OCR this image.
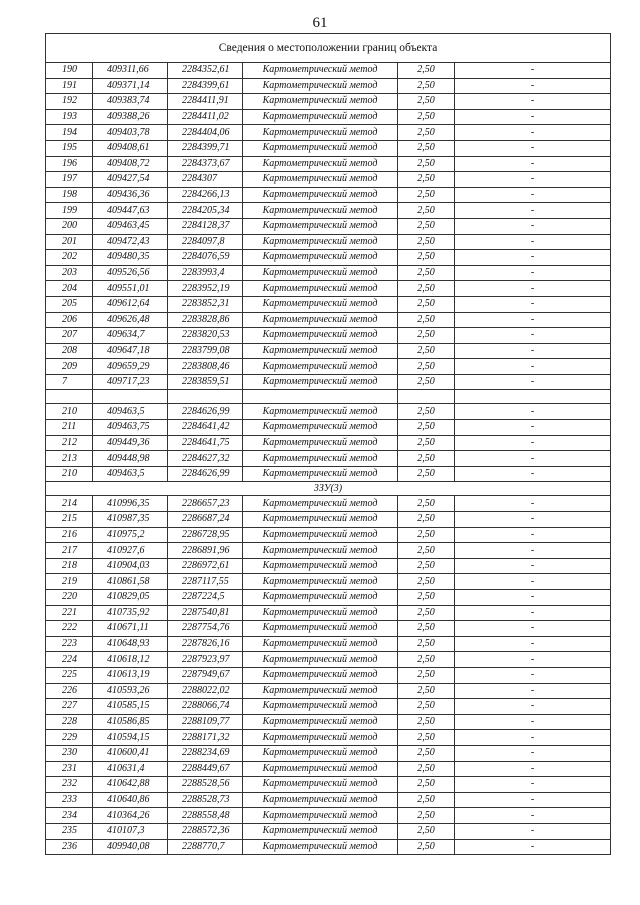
61
Сведения о местоположении границ объекта					
190	409311,66	2284352,61	Картометрический метод	2,50	-
191	409371,14	2284399,61	Картометрический метод	2,50	-
192	409383,74	2284411,91	Картометрический метод	2,50	-
193	409388,26	2284411,02	Картометрический метод	2,50	-
194	409403,78	2284404,06	Картометрический метод	2,50	-
195	409408,61	2284399,71	Картометрический метод	2,50	-
196	409408,72	2284373,67	Картометрический метод	2,50	-
197	409427,54	2284307	Картометрический метод	2,50	-
198	409436,36	2284266,13	Картометрический метод	2,50	-
199	409447,63	2284205,34	Картометрический метод	2,50	-
200	409463,45	2284128,37	Картометрический метод	2,50	-
201	409472,43	2284097,8	Картометрический метод	2,50	-
202	409480,35	2284076,59	Картометрический метод	2,50	-
203	409526,56	2283993,4	Картометрический метод	2,50	-
204	409551,01	2283952,19	Картометрический метод	2,50	-
205	409612,64	2283852,31	Картометрический метод	2,50	-
206	409626,48	2283828,86	Картометрический метод	2,50	-
207	409634,7	2283820,53	Картометрический метод	2,50	-
208	409647,18	2283799,08	Картометрический метод	2,50	-
209	409659,29	2283808,46	Картометрический метод	2,50	-
7	409717,23	2283859,51	Картометрический метод	2,50	-

210	409463,5	2284626,99	Картометрический метод	2,50	-
211	409463,75	2284641,42	Картометрический метод	2,50	-
212	409449,36	2284641,75	Картометрический метод	2,50	-
213	409448,98	2284627,32	Картометрический метод	2,50	-
210	409463,5	2284626,99	Картометрический метод	2,50	-
3ЗУ(3)					
214	410996,35	2286657,23	Картометрический метод	2,50	-
215	410987,35	2286687,24	Картометрический метод	2,50	-
216	410975,2	2286728,95	Картометрический метод	2,50	-
217	410927,6	2286891,96	Картометрический метод	2,50	-
218	410904,03	2286972,61	Картометрический метод	2,50	-
219	410861,58	2287117,55	Картометрический метод	2,50	-
220	410829,05	2287224,5	Картометрический метод	2,50	-
221	410735,92	2287540,81	Картометрический метод	2,50	-
222	410671,11	2287754,76	Картометрический метод	2,50	-
223	410648,93	2287826,16	Картометрический метод	2,50	-
224	410618,12	2287923,97	Картометрический метод	2,50	-
225	410613,19	2287949,67	Картометрический метод	2,50	-
226	410593,26	2288022,02	Картометрический метод	2,50	-
227	410585,15	2288066,74	Картометрический метод	2,50	-
228	410586,85	2288109,77	Картометрический метод	2,50	-
229	410594,15	2288171,32	Картометрический метод	2,50	-
230	410600,41	2288234,69	Картометрический метод	2,50	-
231	410631,4	2288449,67	Картометрический метод	2,50	-
232	410642,88	2288528,56	Картометрический метод	2,50	-
233	410640,86	2288528,73	Картометрический метод	2,50	-
234	410364,26	2288558,48	Картометрический метод	2,50	-
235	410107,3	2288572,36	Картометрический метод	2,50	-
236	409940,08	2288770,7	Картометрический метод	2,50	-
